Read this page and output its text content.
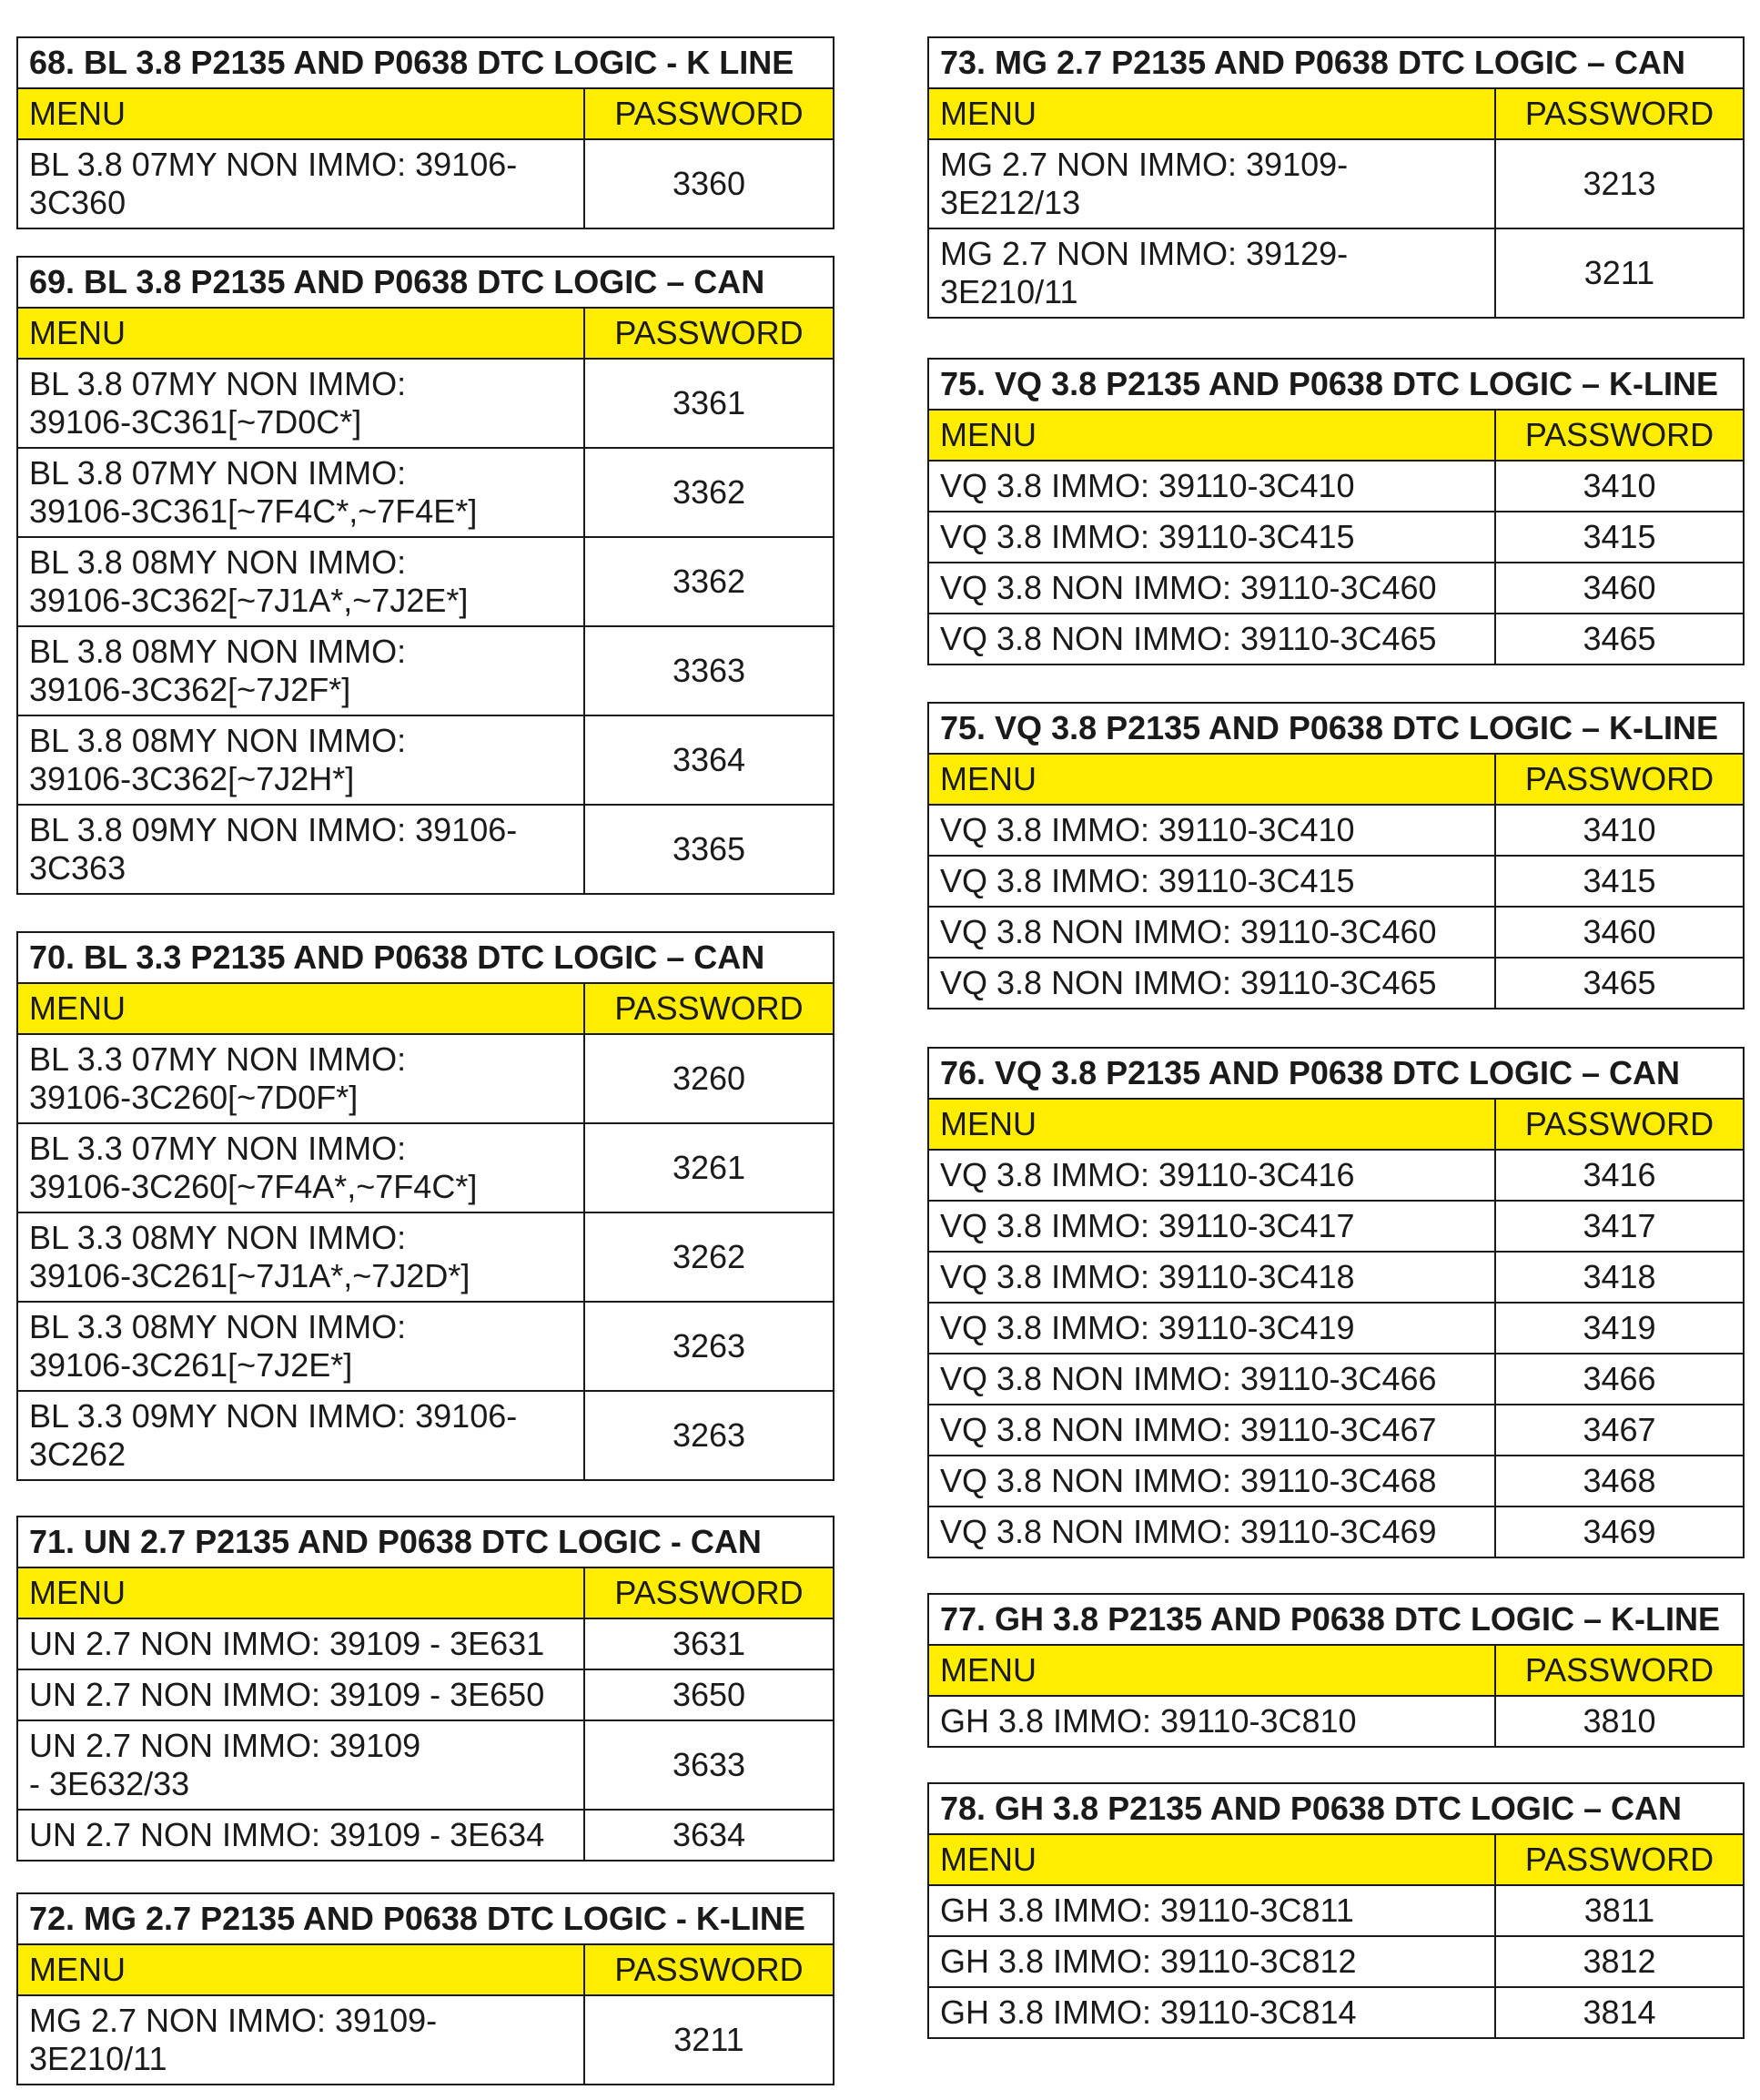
68. BL 3.8 P2135 AND P0638 DTC LOGIC - K LINE	
MENU	PASSWORD
BL 3.8 07MY NON IMMO: 39106-
3C360	3360
69. BL 3.8 P2135 AND P0638 DTC LOGIC – CAN	
MENU	PASSWORD
BL 3.8 07MY NON IMMO:
39106-3C361[~7D0C*]	3361
BL 3.8 07MY NON IMMO:
39106-3C361[~7F4C*,~7F4E*]	3362
BL 3.8 08MY NON IMMO:
39106-3C362[~7J1A*,~7J2E*]	3362
BL 3.8 08MY NON IMMO:
39106-3C362[~7J2F*]	3363
BL 3.8 08MY NON IMMO:
39106-3C362[~7J2H*]	3364
BL 3.8 09MY NON IMMO: 39106-
3C363	3365
70. BL 3.3 P2135 AND P0638 DTC LOGIC – CAN	
MENU	PASSWORD
BL 3.3 07MY NON IMMO:
39106-3C260[~7D0F*]	3260
BL 3.3 07MY NON IMMO:
39106-3C260[~7F4A*,~7F4C*]	3261
BL 3.3 08MY NON IMMO:
39106-3C261[~7J1A*,~7J2D*]	3262
BL 3.3 08MY NON IMMO:
39106-3C261[~7J2E*]	3263
BL 3.3 09MY NON IMMO: 39106-
3C262	3263
71. UN 2.7 P2135 AND P0638 DTC LOGIC - CAN	
MENU	PASSWORD
UN 2.7 NON IMMO: 39109 - 3E631	3631
UN 2.7 NON IMMO: 39109 - 3E650	3650
UN 2.7 NON IMMO: 39109
- 3E632/33	3633
UN 2.7 NON IMMO: 39109 - 3E634	3634
72. MG 2.7 P2135 AND P0638 DTC LOGIC - K-LINE	
MENU	PASSWORD
MG 2.7 NON IMMO: 39109-
3E210/11	3211
73. MG 2.7 P2135 AND P0638 DTC LOGIC – CAN	
MENU	PASSWORD
MG 2.7 NON IMMO: 39109-
3E212/13	3213
MG 2.7 NON IMMO: 39129-
3E210/11	3211
75. VQ 3.8 P2135 AND P0638 DTC LOGIC – K-LINE	
MENU	PASSWORD
VQ 3.8 IMMO: 39110-3C410	3410
VQ 3.8 IMMO: 39110-3C415	3415
VQ 3.8 NON IMMO: 39110-3C460	3460
VQ 3.8 NON IMMO: 39110-3C465	3465
75. VQ 3.8 P2135 AND P0638 DTC LOGIC – K-LINE	
MENU	PASSWORD
VQ 3.8 IMMO: 39110-3C410	3410
VQ 3.8 IMMO: 39110-3C415	3415
VQ 3.8 NON IMMO: 39110-3C460	3460
VQ 3.8 NON IMMO: 39110-3C465	3465
76. VQ 3.8 P2135 AND P0638 DTC LOGIC – CAN	
MENU	PASSWORD
VQ 3.8 IMMO: 39110-3C416	3416
VQ 3.8 IMMO: 39110-3C417	3417
VQ 3.8 IMMO: 39110-3C418	3418
VQ 3.8 IMMO: 39110-3C419	3419
VQ 3.8 NON IMMO: 39110-3C466	3466
VQ 3.8 NON IMMO: 39110-3C467	3467
VQ 3.8 NON IMMO: 39110-3C468	3468
VQ 3.8 NON IMMO: 39110-3C469	3469
77. GH 3.8 P2135 AND P0638 DTC LOGIC – K-LINE	
MENU	PASSWORD
GH 3.8 IMMO: 39110-3C810	3810
78. GH 3.8 P2135 AND P0638 DTC LOGIC – CAN	
MENU	PASSWORD
GH 3.8 IMMO: 39110-3C811	3811
GH 3.8 IMMO: 39110-3C812	3812
GH 3.8 IMMO: 39110-3C814	3814
